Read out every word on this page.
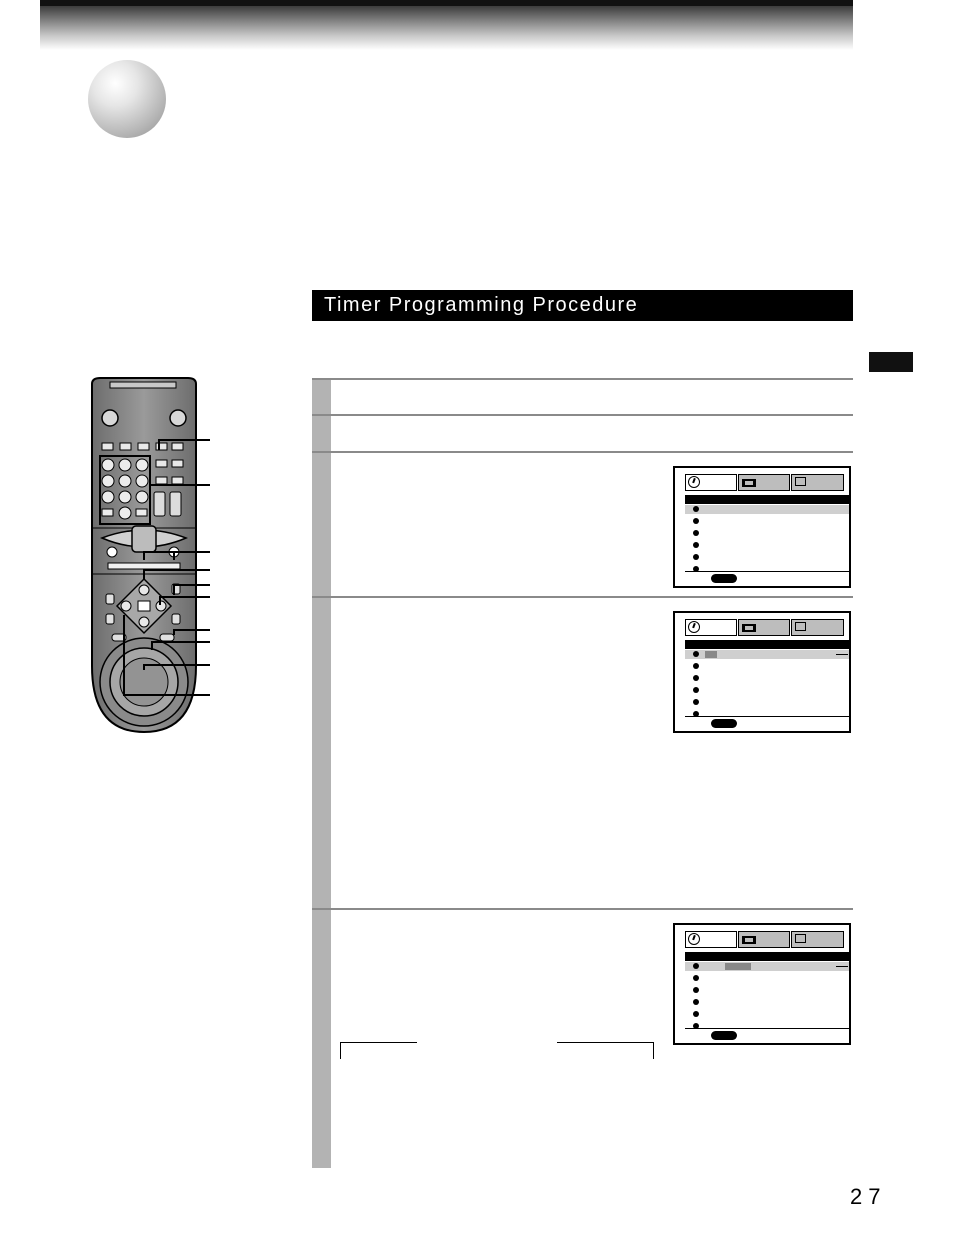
Timer Programming Procedure
27
